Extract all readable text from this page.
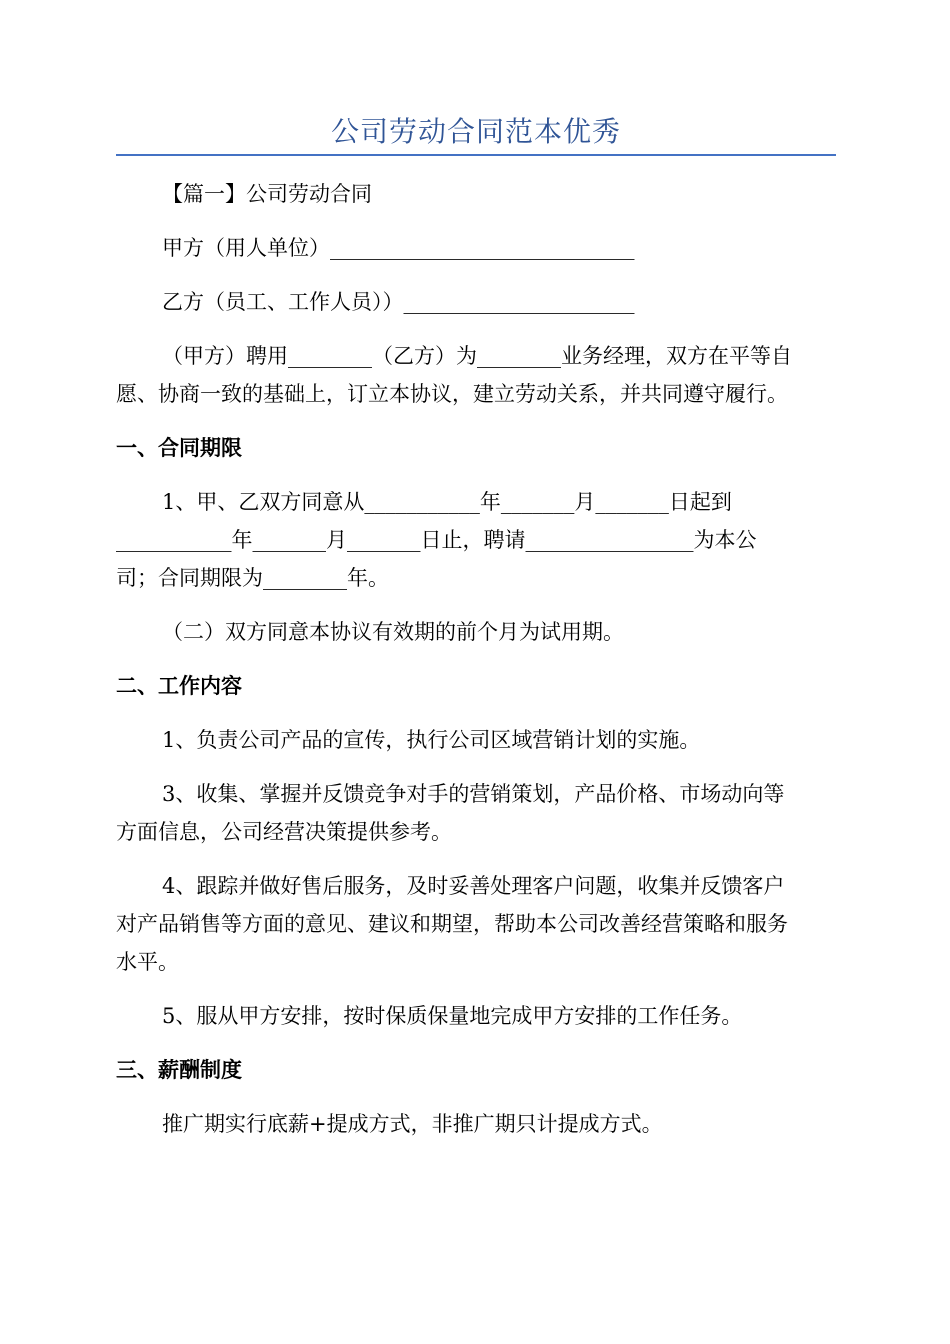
公司劳动合同范本优秀
【篇一】公司劳动合同
甲方（用人单位）_____________________________
乙方（员工、工作人员））______________________
（甲方）聘用________（乙方）为________业务经理，双方在平等自
愿、协商一致的基础上，订立本协议，建立劳动关系，并共同遵守履行。
一、合同期限
1、甲、乙双方同意从___________年_______月_______日起到
___________年_______月_______日止，聘请________________为本公
司；合同期限为________年。
（二）双方同意本协议有效期的前个月为试用期。
二、工作内容
1、负责公司产品的宣传，执行公司区域营销计划的实施。
3、收集、掌握并反馈竞争对手的营销策划，产品价格、市场动向等
方面信息，公司经营决策提供参考。
4、跟踪并做好售后服务，及时妥善处理客户问题，收集并反馈客户
对产品销售等方面的意见、建议和期望，帮助本公司改善经营策略和服务
水平。
5、服从甲方安排，按时保质保量地完成甲方安排的工作任务。
三、薪酬制度
推广期实行底薪+提成方式，非推广期只计提成方式。
